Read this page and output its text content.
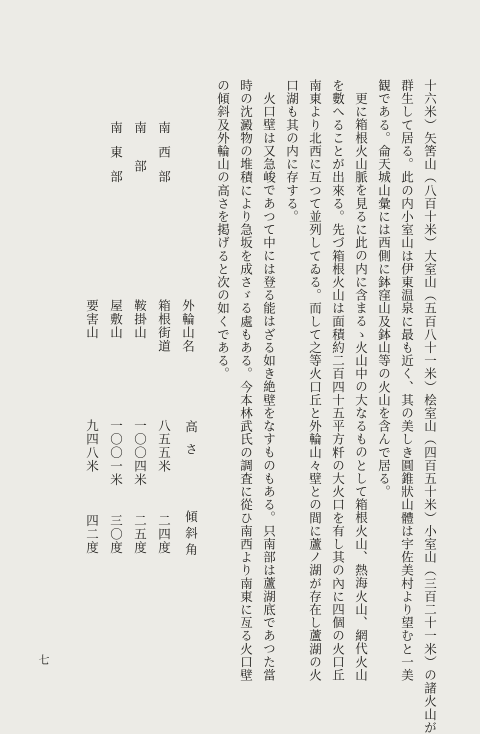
十六米）矢筈山（八百十米）大室山（五百八十一米）桧室山（四百五十米）小室山（三百二十一米）の諸火山が
群生して居る。此の内小室山は伊東温泉に最も近く、其の美しき圓錐狀山體は宇佐美村より望むと一美
観である。侖天城山彙には西側に鉢窪山及鉢山等の火山を含んで居る。
更に箱根火山脈を見るに此の内に含まるゝ火山中の大なるものとして箱根火山、熱海火山、網代火山
を數へることが出來る。先づ箱根火山は面積約二百四十五平方粁の大火口を有し其の內に四個の火口丘
南東より北西に互つて並列してゐる。而して之等火口丘と外輪山々壁との間に蘆ノ湖が存在し蘆湖の火
口湖も其の内に存する。
火口壁は又急峻であつて中には登る能はざる如き絶壁をなすものもある。只南部は蘆湖底であつた當
時の沈澱物の堆積により急坂を成さゞる處もある。今本林武氏の調査に從ひ南西より南東に亙る火口壁
の傾斜及外輪山の高さを掲げると次の如くである。
外輪山名
高さ
傾斜角
南西部
箱根街道
八五五米
二四度
南部
鞍掛山
一〇〇四米
二五度
南東部
屋敷山
一〇〇一米
三〇度
要害山
九四八米
四二度
七
